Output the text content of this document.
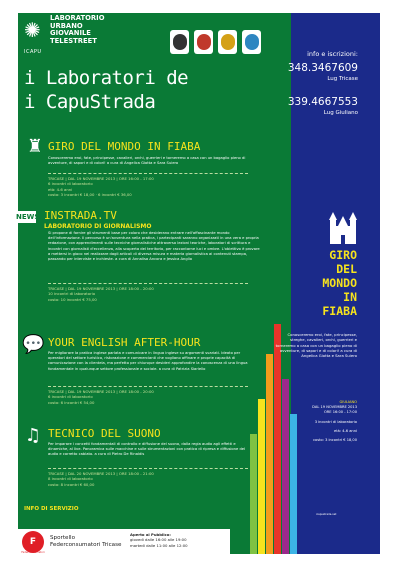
✺	LABORATORIO
URBANO
GIOVANILE
TELESTREET
ICAPU
i Laboratori de
i CapuStrada
info e iscrizioni:
348.3467609
Lug Tricase
339.4667553
Lug Giuliano
♜ GIRO DEL MONDO IN FIABA
Conosceremo eroi, fate, principesse, cavalieri, orchi, guerrieri e torneremo a casa con un bagaglio pieno di avventure, di sapori e di colori! a cura di Angelica Giotta e Sara Suiero
TRICASE | DAL 19 NOVEMBRE 2013 | ORE 16:00 - 17:00
6 incontri di laboratorio
età: 4-6 anni
costo: 3 incontri € 18,00 · 6 incontri € 36,00
NEWS INSTRADA.TV
LABORATORIO DI GIORNALISMO
Si propone di fornire gli strumenti base per coloro che desiderano entrare nell'affascinante mondo dell'informazione. Il percorso è un'avventura nella pratica, i partecipanti saranno organizzati in una vera e propria redazione, con apprendimenti sulle tecniche giornalistiche attraverso lezioni teoriche, laboratori di scrittura e incontri con giornalisti d'eccellenza, alla scoperta del territorio, per raccontarne luci e ombre. L'obiettivo è provare a mettersi in gioco nel realizzare dagli articoli di diversa misura e materia giornalistica ai contenuti stampa, passando per interviste e inchieste. a cura di Annalisa Ancora e Jessica Anglio
TRICASE | DAL 19 NOVEMBRE 2013 | ORE 18:00 - 20:00
10 incontri di laboratorio
costo: 10 incontri € 75,00
💬 YOUR ENGLISH AFTER-HOUR
Per migliorare la pratica inglese parlata e comunicare in lingua inglese su argomenti svariati. Ideato per operatori del settore turistico, ristorazione e commercianti che vogliano affinare e proprie capacità di comunicazione con la clientela, ma perfetto per chiunque desideri approfondire la conoscenza di una lingua fondamentale in qualunque settore professionale e sociale. a cura di Patrizia Siariello
TRICASE | DAL 19 NOVEMBRE 2013 | ORE 18:00 - 20:00
6 incontri di laboratorio
costo: 6 incontri € 54,00
♫ TECNICO DEL SUONO
Per imparare i concetti fondamentali di controllo e diffusione del suono, dalla regia audio agli effetti e dinamiche, al live. Panoramica sulle macchine e sulle strumentazioni con pratica di ripresa e diffusione del audio e corretto cablato. a cura di Pietro De Rinaldis
TRICASE | DAL 20 NOVEMBRE 2013 | ORE 18:00 - 21:00
8 incontri di laboratorio
costo: 8 incontri € 60,00
GIRO
DEL
MONDO
IN
FIABA
Conosceremo eroi, fate, principesse, streghe, cavalieri, orchi, guerrieri e torneremo a casa con un bagaglio pieno di avventure, di sapori e di colori! a cura di Angelica Giotta e Sara Suiero
GIULIANO
DAL 19 NOVEMBRE 2013
ORE 16:00 - 17:00
3 incontri di laboratorio
età: 4-6 anni
costo: 3 incontri € 18,00
icapustrada.net
INFO DI SERVIZIO
F
Federconsumatori
Sportello
Federconsumatori Tricase
Aperto al Pubblico:
giovedì dalle 16:00 alle 19:00
martedì dalle 11:00 alle 12:00
